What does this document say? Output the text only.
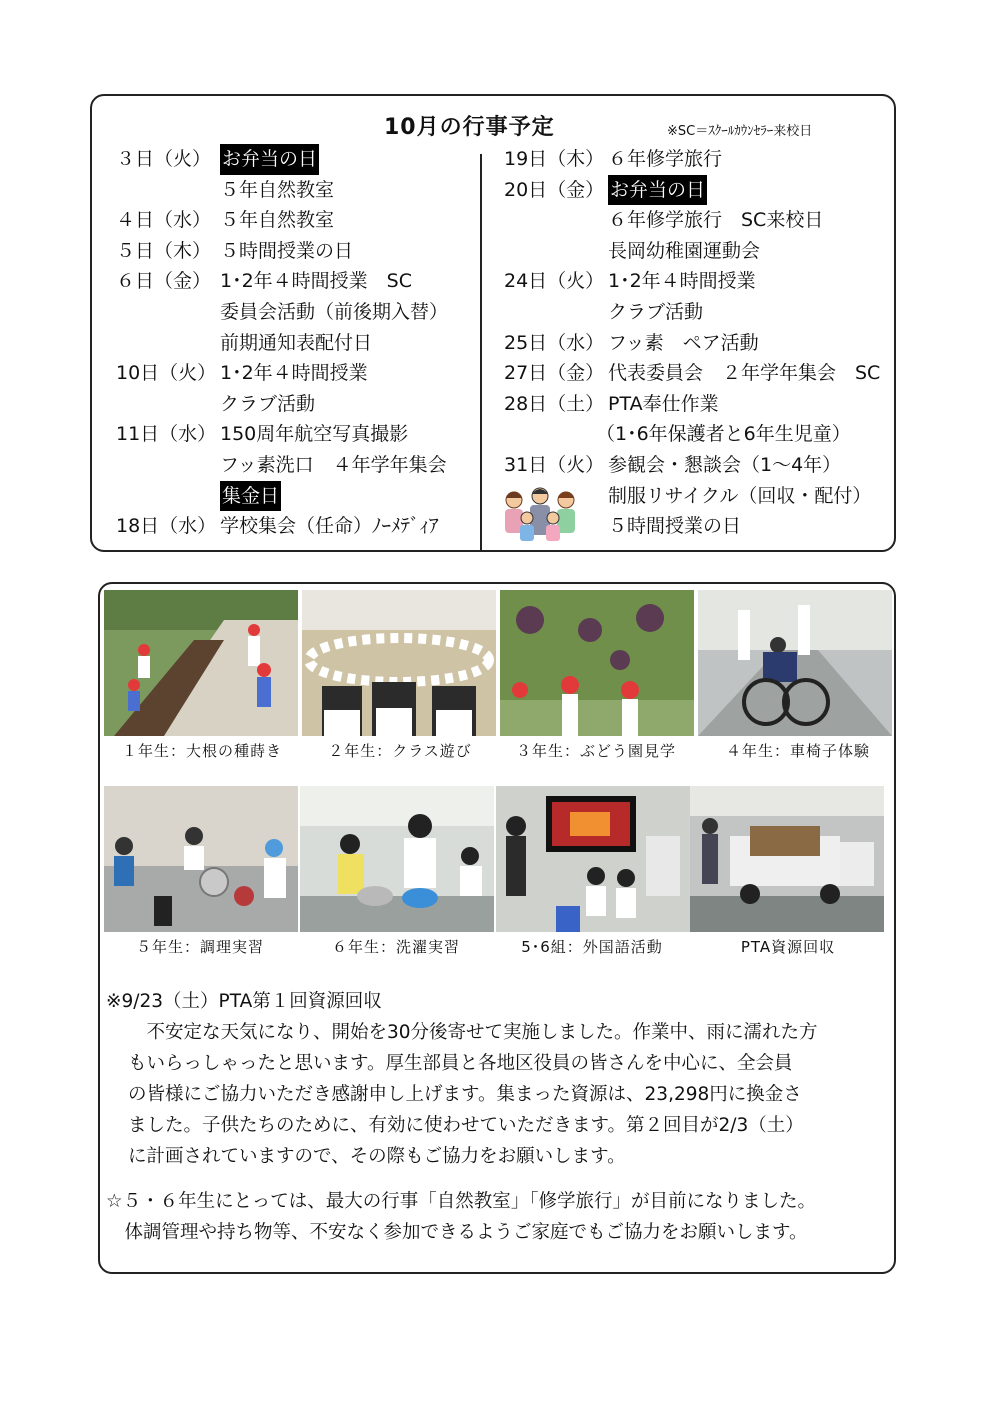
10月の行事予定	※SC＝ｽｸｰﾙｶｳﾝｾﾗｰ来校日
３日（火） お弁当の日
５年自然教室
４日（水） ５年自然教室
５日（木） ５時間授業の日
６日（金） 1･2年４時間授業　SC
委員会活動（前後期入替）
前期通知表配付日
10日（火） 1･2年４時間授業
クラブ活動
11日（水） 150周年航空写真撮影
フッ素洗口　４年学年集会
集金日
18日（水） 学校集会（任命）ﾉｰﾒﾃﾞｨｱ
19日（木） ６年修学旅行
20日（金） お弁当の日
６年修学旅行　SC来校日
長岡幼稚園運動会
24日（火） 1･2年４時間授業
クラブ活動
25日（水） フッ素　ペア活動
27日（金） 代表委員会　２年学年集会　SC
28日（土） PTA奉仕作業
（1･6年保護者と6年生児童）
31日（火） 参観会・懇談会（1～4年）
制服リサイクル（回収・配付）
５時間授業の日
１年生：大根の種蒔き	２年生：クラス遊び	３年生：ぶどう園見学	４年生：車椅子体験
５年生：調理実習	６年生：洗濯実習	5･6組：外国語活動	PTA資源回収

※9/23（土）PTA第１回資源回収

　不安定な天気になり、開始を30分後寄せて実施しました。作業中、雨に濡れた方

もいらっしゃったと思います。厚生部員と各地区役員の皆さんを中心に、全会員

の皆様にご協力いただき感謝申し上げます。集まった資源は、23,298円に換金さ

ました。子供たちのために、有効に使わせていただきます。第２回目が2/3（土）

に計画されていますので、その際もご協力をお願いします。

☆５・６年生にとっては、最大の行事「自然教室」「修学旅行」が目前になりました。

　体調管理や持ち物等、不安なく参加できるようご家庭でもご協力をお願いします。
